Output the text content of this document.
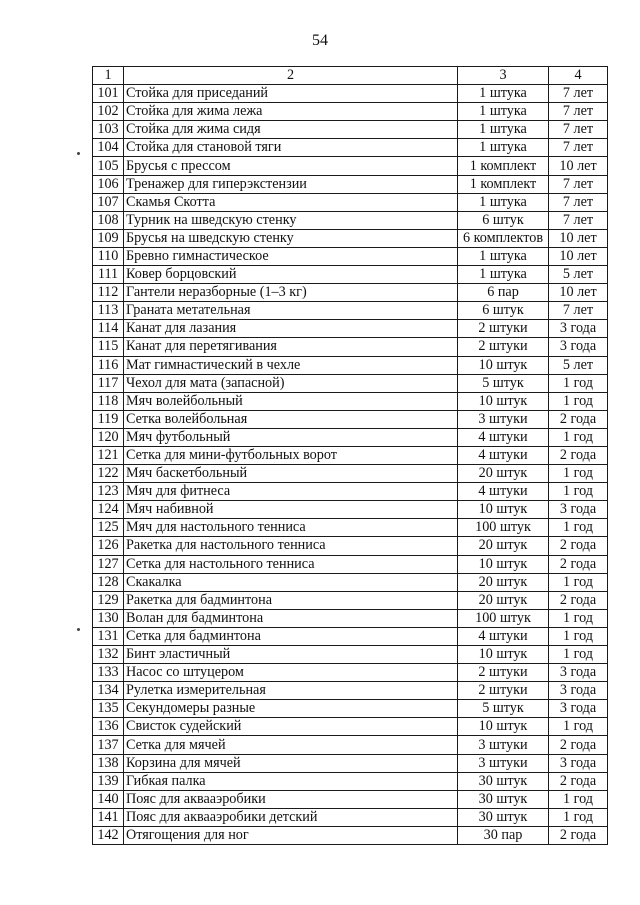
54
1	2	3	4
101	Стойка для приседаний	1 штука	7 лет
102	Стойка для жима лежа	1 штука	7 лет
103	Стойка для жима сидя	1 штука	7 лет
104	Стойка для становой тяги	1 штука	7 лет
105	Брусья с прессом	1 комплект	10 лет
106	Тренажер для гиперэкстензии	1 комплект	7 лет
107	Скамья Скотта	1 штука	7 лет
108	Турник на шведскую стенку	6 штук	7 лет
109	Брусья на шведскую стенку	6 комплектов	10 лет
110	Бревно гимнастическое	1 штука	10 лет
111	Ковер борцовский	1 штука	5 лет
112	Гантели неразборные (1–3 кг)	6 пар	10 лет
113	Граната метательная	6 штук	7 лет
114	Канат для лазания	2 штуки	3 года
115	Канат для перетягивания	2 штуки	3 года
116	Мат гимнастический в чехле	10 штук	5 лет
117	Чехол для мата (запасной)	5 штук	1 год
118	Мяч волейбольный	10 штук	1 год
119	Сетка волейбольная	3 штуки	2 года
120	Мяч футбольный	4 штуки	1 год
121	Сетка для мини-футбольных ворот	4 штуки	2 года
122	Мяч баскетбольный	20 штук	1 год
123	Мяч для фитнеса	4 штуки	1 год
124	Мяч набивной	10 штук	3 года
125	Мяч для настольного тенниса	100 штук	1 год
126	Ракетка для настольного тенниса	20 штук	2 года
127	Сетка для настольного тенниса	10 штук	2 года
128	Скакалка	20 штук	1 год
129	Ракетка для бадминтона	20 штук	2 года
130	Волан для бадминтона	100 штук	1 год
131	Сетка для бадминтона	4 штуки	1 год
132	Бинт эластичный	10 штук	1 год
133	Насос со штуцером	2 штуки	3 года
134	Рулетка измерительная	2 штуки	3 года
135	Секундомеры разные	5 штук	3 года
136	Свисток судейский	10 штук	1 год
137	Сетка для мячей	3 штуки	2 года
138	Корзина для мячей	3 штуки	3 года
139	Гибкая палка	30 штук	2 года
140	Пояс для аквааэробики	30 штук	1 год
141	Пояс для аквааэробики детский	30 штук	1 год
142	Отягощения для ног	30 пар	2 года
